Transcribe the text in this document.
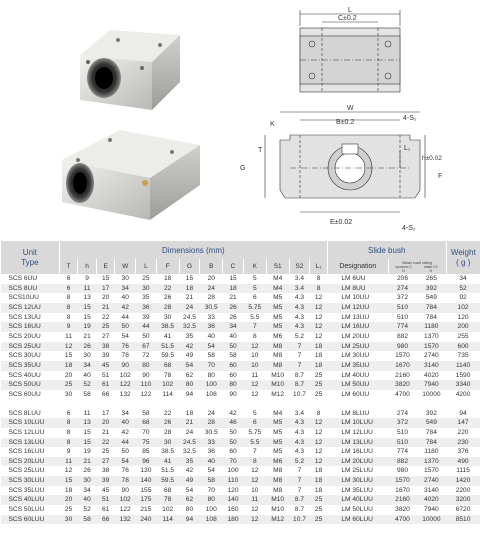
L
C±0.2
W
B±0.2
K
4-S₁
T
G
h±0.02
L₁
F
E±0.02
4-S₂
Unit
Type	Dimensions (mm)													Slide bush			Weight
( g )

	T	h	E	W	L	F	G	B	C	K	S1	S2	L₁	Designation	Basic load rating
dynamic C
Nstatic C0
N		
SCS 6UU	6	9	15	30	25	18	15	20	15	5	M4	3.4	8	LM 6UU	206	265	34
SCS 8UU	6	11	17	34	30	22	18	24	18	5	M4	3.4	8	LM 8UU	274	392	52
SCS10UU	8	13	20	40	35	26	21	28	21	6	M5	4.3	12	LM 10UU	372	549	92
SCS 12UU	8	15	21	42	36	28	24	30.5	26	5.75	M5	4.3	12	LM 12UU	510	784	102
SCS 13UU	8	15	22	44	39	30	24.5	33	26	5.5	M5	4.3	12	LM 13UU	510	784	120
SCS 16UU	9	19	25	50	44	38.5	32.5	36	34	7	M5	4.3	12	LM 16UU	774	1180	200
SCS 20UU	11	21	27	54	50	41	35	40	40	8	M6	5.2	12	LM 20UU	882	1370	255
SCS 25UU	12	26	38	76	67	51.5	42	54	50	12	M8	7	18	LM 25UU	980	1570	600
SCS 30UU	15	30	39	78	72	59.5	49	58	58	10	M8	7	18	LM 30UU	1570	2740	735
SCS 35UU	18	34	45	90	80	68	54	70	60	10	M8	7	18	LM 35UU	1670	3140	1140
SCS 40UU	20	40	51	102	90	78	62	80	60	11	M10	8.7	25	LM 40UU	2160	4020	1590
SCS 50UU	25	52	61	122	110	102	80	100	80	12	M10	8.7	25	LM 50UU	3820	7940	3340
SCS 60UU	30	58	66	132	122	114	94	108	90	12	M12	10.7	25	LM 60UU	4700	10000	4200

SCS 8LUU	6	11	17	34	58	22	18	24	42	5	M4	3.4	8	LM 8LUU	274	392	94
SCS 10LUU	8	13	20	40	68	26	21	28	46	6	M5	4.3	12	LM 10LUU	372	549	147
SCS 12LUU	8	15	21	42	70	28	24	30.5	50	5.75	M5	4.3	12	LM 12LUU	510	784	220
SCS 13LUU	8	15	22	44	75	30	24.5	33	50	5.5	M5	4.3	12	LM 13LUU	510	784	230
SCS 16LUU	9	19	25	50	85	38.5	32.5	36	60	7	M5	4.3	12	LM 16LUU	774	1180	376
SCS 20LUU	11	21	27	54	96	41	35	40	70	8	M6	5.2	12	LM 20LUU	882	1370	490
SCS 25LUU	12	26	38	76	130	51.5	42	54	100	12	M8	7	18	LM 25LUU	980	1570	1115
SCS 30LUU	15	30	39	78	140	59.5	49	58	110	12	M8	7	18	LM 30LUU	1570	2740	1420
SCS 35LUU	18	34	45	90	155	68	54	70	120	10	M8	7	18	LM 35LUU	1670	3140	2200
SCS 40LUU	20	40	51	102	175	78	62	80	140	11	M10	8.7	25	LM 40LUU	2160	4020	3200
SCS 50LUU	25	52	61	122	215	102	80	100	160	12	M10	8.7	25	LM 50LUU	3820	7940	6720
SCS 60LUU	30	58	66	132	240	114	94	108	180	12	M12	10.7	25	LM 60LUU	4700	10000	8510
